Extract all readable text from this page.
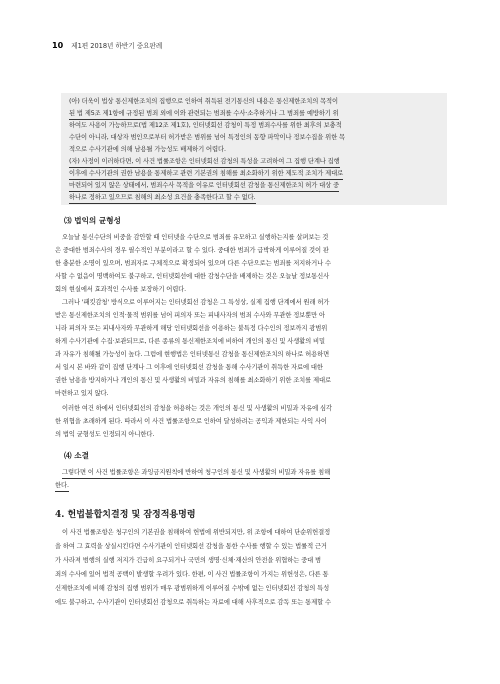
10 제1편 2018년 하반기 중요판례
(아) 더욱이 법상 통신제한조치의 집행으로 인하여 취득된 전기통신의 내용은 통신제한조치의 목적이
된 법 제5조 제1항에 규정된 범죄 외에 이와 관련되는 범죄를 수사·소추하거나 그 범죄를 예방하기 위
하여도 사용이 가능하므로(법 제12조 제1호), 인터넷회선 감청이 특정 범죄수사를 위한 최후의 보충적
수단이 아니라, 대상자 범인으로부터 허가받은 범위를 넘어 특정인의 동향 파악이나 정보수집을 위한 목
적으로 수사기관에 의해 남용될 가능성도 배제하기 어렵다.
(자) 사정이 이러하다면, 이 사건 법률조항은 인터넷회선 감청의 특성을 고려하여 그 집행 단계나 집행
이후에 수사기관의 권한 남용을 통제하고 관련 기본권의 침해를 최소화하기 위한 제도적 조치가 제대로
마련되어 있지 않은 상태에서, 범죄수사 목적을 이유로 인터넷회선 감청을 통신제한조치 허가 대상 중
하나로 정하고 있으므로 침해의 최소성 요건을 충족한다고 할 수 없다.
⑶ 법익의 균형성
오늘날 통신수단의 비중을 감안할 때 인터넷을 수단으로 범죄를 유모하고 실행하는지를 살펴보는 것
은 중대한 범죄수사의 경우 필수적인 부분이라고 할 수 있다. 중대한 범죄가 급박하게 이루어질 것이 판
한 충분한 소명이 있으며, 범죄자로 구체적으로 확정되어 있으며 다른 수단으로는 범죄를 저지하거나 수
사할 수 없음이 명백하여도 불구하고, 인터넷회선에 대한 감청수단을 배제하는 것은 오늘날 정보통신사
회의 현실에서 효과적인 수사를 보장하기 어렵다.
그러나 '패킷감청' 방식으로 이루어지는 인터넷회선 감청은 그 특성상, 실제 집행 단계에서 원래 허가
받은 통신제한조치의 인적·물적 범위를 넘어 피의자 또는 피내사자의 범죄 수사와 무관한 정보뿐만 아
니라 피의자 또는 피내사자와 무관하게 해당 인터넷회선을 이용하는 불특정 다수인의 정보까지 광범위
하게 수사기관에 수집·보관되므로, 다른 종류의 통신제한조치에 비하여 개인의 통신 및 사생활의 비밀
과 자유가 침해될 가능성이 높다. 그럼에 현행법은 인터넷통신 감청을 통신제한조치의 하나로 허용하면
서 일시 본 바와 같이 집행 단계나 그 이후에 인터넷회선 감청을 통해 수사기관이 취득한 자료에 대한
권한 남용을 방지하거나 개인의 통신 및 사생활의 비밀과 자유의 침해를 최소화하기 위한 조치를 제대로
마련하고 있지 않다.
이러한 여건 하에서 인터넷회선의 감청을 허용하는 것은 개인의 통신 및 사생활의 비밀과 자유에 심각
한 위협을 초래하게 된다. 따라서 이 사건 법률조항으로 인하여 달성하려는 공익과 제한되는 사익 사이
의 법익 균형성도 인정되지 아니한다.
⑷ 소결
그렇다면 이 사건 법률조항은 과잉금지원칙에 반하여 청구인의 통신 및 사생활의 비밀과 자유를 침해
한다.
4. 헌법불합치결정 및 잠정적용명령
이 사건 법률조항은 청구인의 기본권을 침해하여 헌법에 위반되지만, 위 조항에 대하여 단순위헌결정
을 하여 그 효력을 상실시킨다면 수사기관이 인터넷회선 감청을 통한 수사를 행할 수 있는 법률적 근거
가 사라져 범행의 실행 저지가 긴급히 요구되거나 국민의 생명·신체·재산의 안전을 위협하는 중대 범
죄의 수사에 있어 법적 공백이 발생할 우려가 있다. 한편, 이 사건 법률조항이 가지는 위헌성은, 다른 통
신제한조치에 비해 감청의 집행 범위가 매우 광범위하게 이루어질 수밖에 없는 인터넷회선 감청의 특성
에도 불구하고, 수사기관이 인터넷회선 감청으로 취득하는 자료에 대해 사후적으로 감독 또는 통제할 수
